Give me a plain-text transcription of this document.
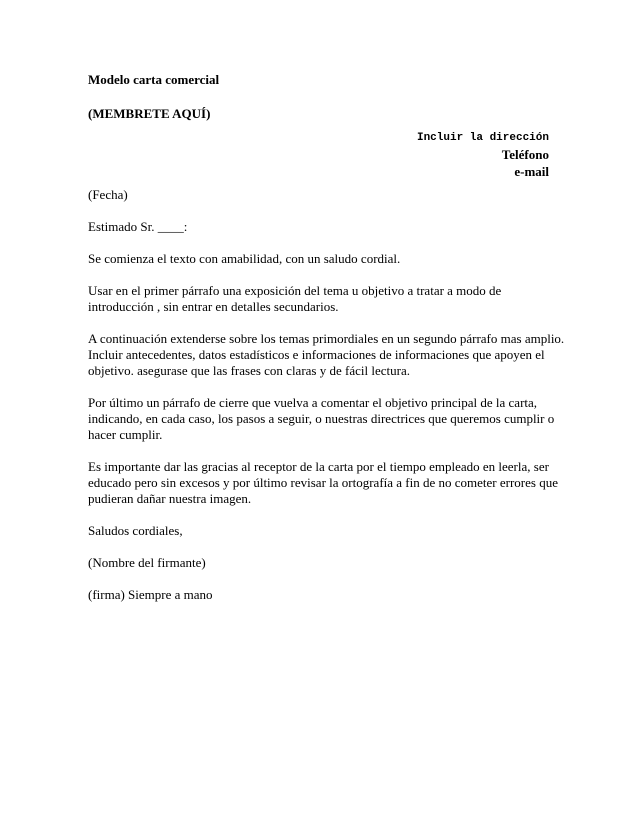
Modelo carta comercial
(MEMBRETE AQUÍ)
Incluir la dirección
Teléfono
e-mail

(Fecha)

Estimado Sr. ____:

Se comienza el texto con amabilidad, con un saludo cordial.

Usar en el primer párrafo una exposición del tema u objetivo a tratar a modo de
introducción , sin entrar en detalles secundarios.

A continuación extenderse sobre los temas primordiales en un segundo párrafo mas amplio.
Incluir antecedentes, datos estadísticos e informaciones de informaciones que apoyen el
objetivo. asegurase que las frases con claras y de fácil lectura.

Por último un párrafo de cierre que vuelva a comentar el objetivo principal de la carta,
indicando, en cada caso, los pasos a seguir, o nuestras directrices que queremos cumplir o
hacer cumplir.

Es importante dar las gracias al receptor de la carta por el tiempo empleado en leerla, ser
educado pero sin excesos y por último revisar la ortografía a fin de no cometer errores que
pudieran dañar nuestra imagen.

Saludos cordiales,

(Nombre del firmante)

(firma) Siempre a mano
